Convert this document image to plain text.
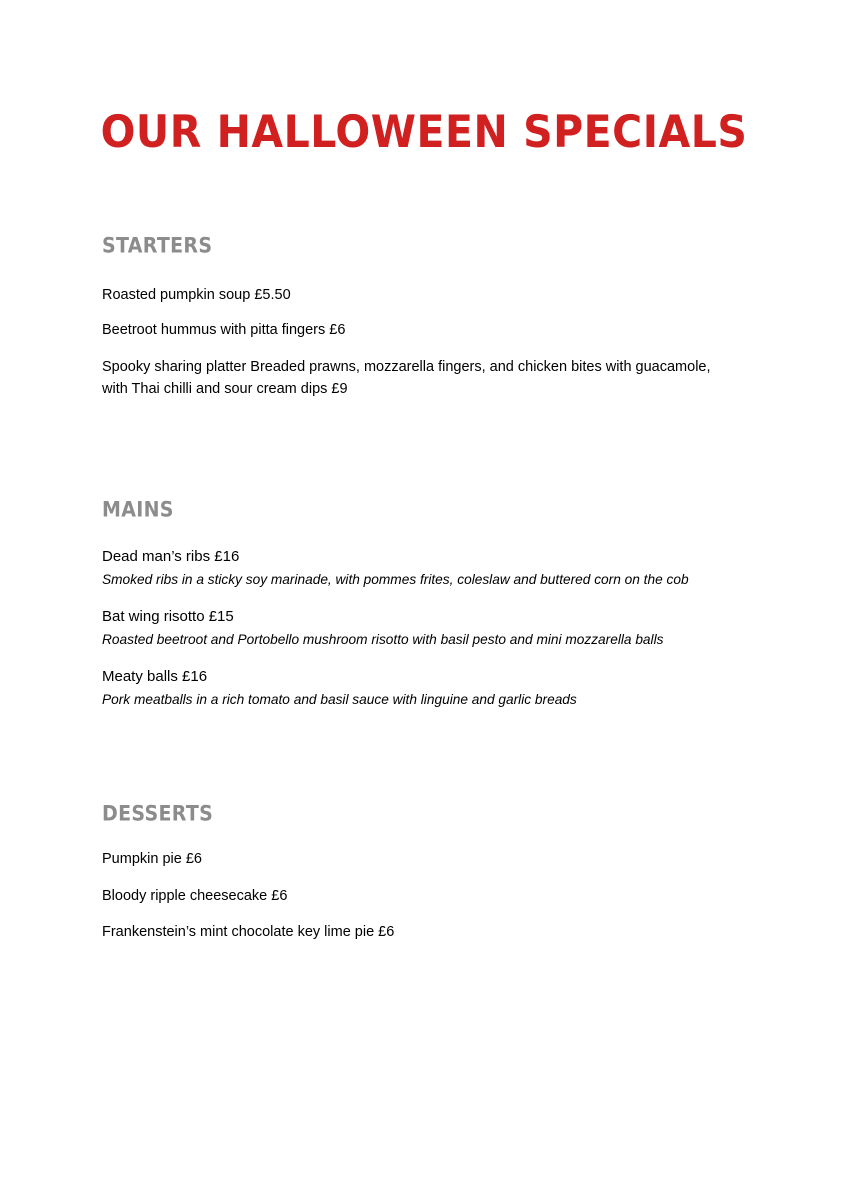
OUR HALLOWEEN SPECIALS
STARTERS
Roasted pumpkin soup £5.50
Beetroot hummus with pitta fingers £6
Spooky sharing platter Breaded prawns, mozzarella fingers, and chicken bites with guacamole,
with Thai chilli and sour cream dips £9
MAINS
Dead man’s ribs £16
Smoked ribs in a sticky soy marinade, with pommes frites, coleslaw and buttered corn on the cob
Bat wing risotto £15
Roasted beetroot and Portobello mushroom risotto with basil pesto and mini mozzarella balls
Meaty balls £16
Pork meatballs in a rich tomato and basil sauce with linguine and garlic breads
DESSERTS
Pumpkin pie £6
Bloody ripple cheesecake £6
Frankenstein’s mint chocolate key lime pie £6
